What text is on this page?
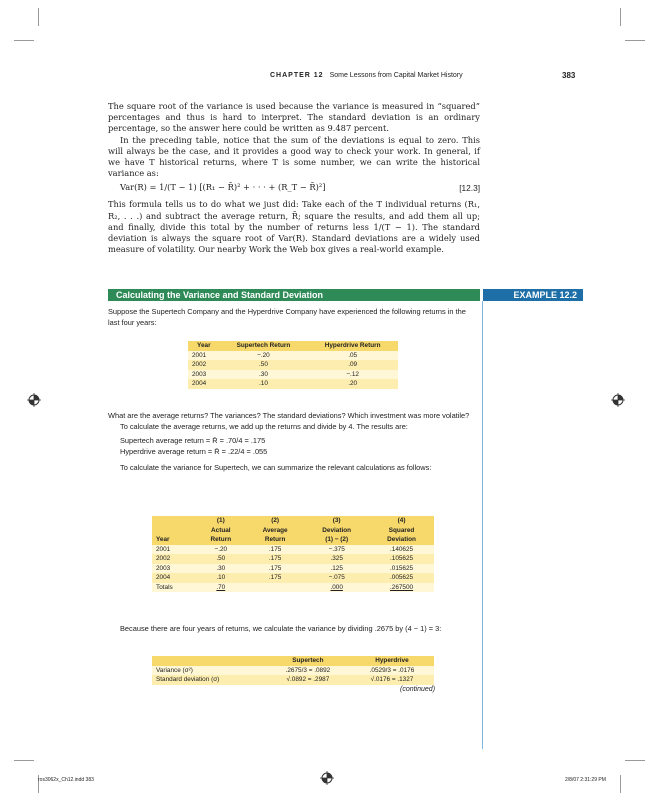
CHAPTER 12 Some Lessons from Capital Market History	383

The square root of the variance is used because the variance is measured in “squared” percentages and thus is hard to interpret. The standard deviation is an ordinary percentage, so the answer here could be written as 9.487 percent.

In the preceding table, notice that the sum of the deviations is equal to zero. This will always be the case, and it provides a good way to check your work. In general, if we have T historical returns, where T is some number, we can write the historical variance as:

Var(R) = 1/(T − 1) [(R₁ − R̄)² + · · · + (R_T − R̄)²]	[12.3]

This formula tells us to do what we just did: Take each of the T individual returns (R₁, R₂, . . .) and subtract the average return, R̄; square the results, and add them all up; and finally, divide this total by the number of returns less 1/(T − 1). The standard deviation is always the square root of Var(R). Standard deviations are a widely used measure of volatility. Our nearby Work the Web box gives a real-world example.

Calculating the Variance and Standard Deviation	EXAMPLE 12.2

Suppose the Supertech Company and the Hyperdrive Company have experienced the following returns in the last four years:

Year	Supertech Return	Hyperdrive Return
2001	−.20	.05
2002	.50	.09
2003	.30	−.12
2004	.10	.20

What are the average returns? The variances? The standard deviations? Which investment was more volatile?

To calculate the average returns, we add up the returns and divide by 4. The results are:

Supertech average return = R̄ = .70/4 = .175

Hyperdrive average return = R̄ = .22/4 = .055

To calculate the variance for Supertech, we can summarize the relevant calculations as follows:

	(1)	(2)	(3)	(4)
	Actual	Average	Deviation	Squared
Year	Return	Return	(1) − (2)	Deviation
2001	−.20	.175	−.375	.140625
2002	.50	.175	.325	.105625
2003	.30	.175	.125	.015625
2004	.10	.175	−.075	.005625
Totals	.70		.000	.267500

Because there are four years of returns, we calculate the variance by dividing .2675 by (4 − 1) = 3:

	Supertech	Hyperdrive
Variance (σ²)	.2675/3 = .0892	.0529/3 = .0176
Standard deviation (σ)	√.0892 = .2987	√.0176 = .1327
(continued)
ros3062x_Ch12.indd 383	2/8/07 2:31:29 PM
